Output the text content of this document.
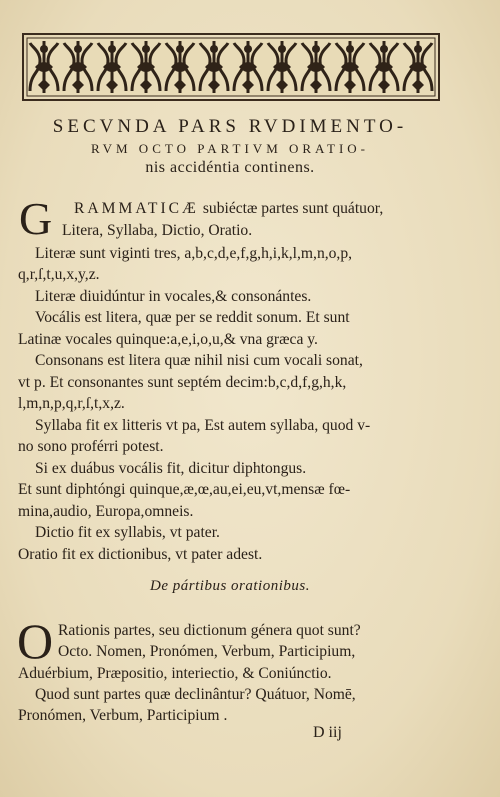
SECVNDA PARS RVDIMENTO-
RVM OCTO PARTIVM ORATIO-
nis accidéntia continens.
G RAMMATICÆ subiéctæ partes sunt quátuor,
Litera, Syllaba, Dictio, Oratio.
Literæ sunt viginti tres, a,b,c,d,e,f,g,h,i,k,l,m,n,o,p,
q,r,ſ,t,u,x,y,z.
Literæ diuidúntur in vocales,& consonántes.
Vocális est litera, quæ per se reddit sonum. Et sunt
Latinæ vocales quinque:a,e,i,o,u,& vna græca y.
Consonans est litera quæ nihil nisi cum vocali sonat,
vt p. Et consonantes sunt septém decim:b,c,d,f,g,h,k,
l,m,n,p,q,r,ſ,t,x,z.
Syllaba fit ex litteris vt pa, Est autem syllaba, quod v-
no sono proférri potest.
Si ex duábus vocális fit, dicitur diphtongus.
Et sunt diphtóngi quinque,æ,œ,au,ei,eu,vt,mensæ fœ-
mina,audio, Europa,omneis.
Dictio fit ex syllabis, vt pater.
Oratio fit ex dictionibus, vt pater adest.
De pártibus orationibus.
O Rationis partes, seu dictionum génera quot sunt?
Octo. Nomen, Pronómen, Verbum, Participium,
Aduérbium, Præpositio, interiectio, & Coniúnctio.
Quod sunt partes quæ declinântur? Quátuor, Nomē,
Pronómen, Verbum, Participium .
D iij
